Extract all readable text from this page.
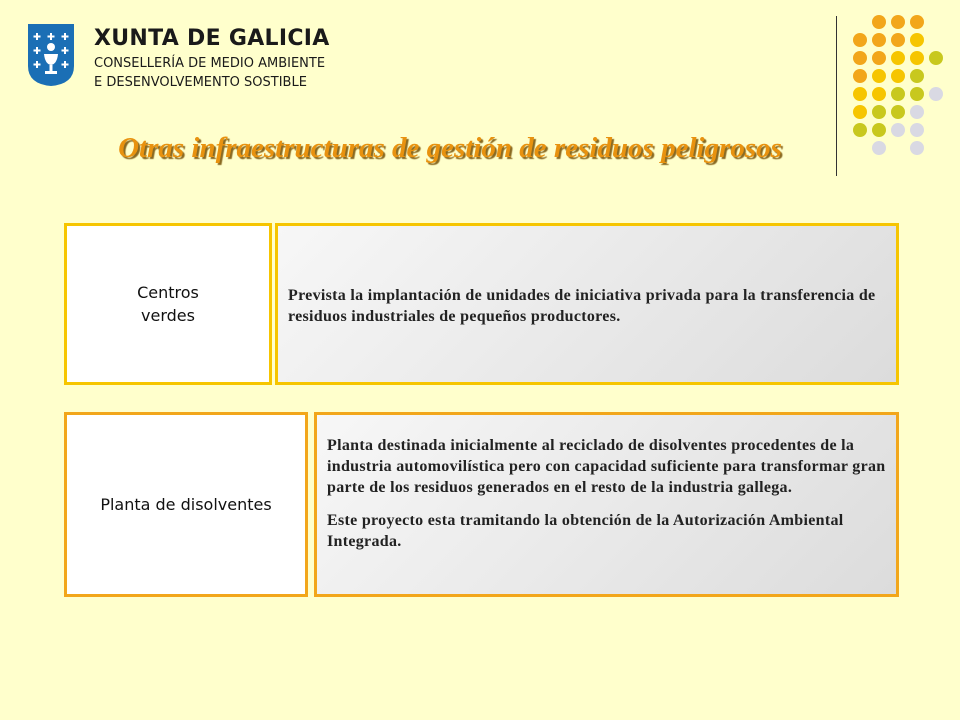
XUNTA DE GALICIA
CONSELLERÍA DE MEDIO AMBIENTE
E DESENVOLVEMENTO SOSTIBLE
Otras infraestructuras de gestión de residuos peligrosos
Centros
verdes
Prevista la implantación de unidades de iniciativa privada para la transferencia de residuos industriales de pequeños productores.
Planta de disolventes

Planta destinada inicialmente al reciclado de disolventes procedentes de la industria automovilística pero con capacidad suficiente para transformar gran parte de los residuos generados en el resto de la industria gallega.

Este proyecto esta tramitando la obtención de la Autorización Ambiental Integrada.
